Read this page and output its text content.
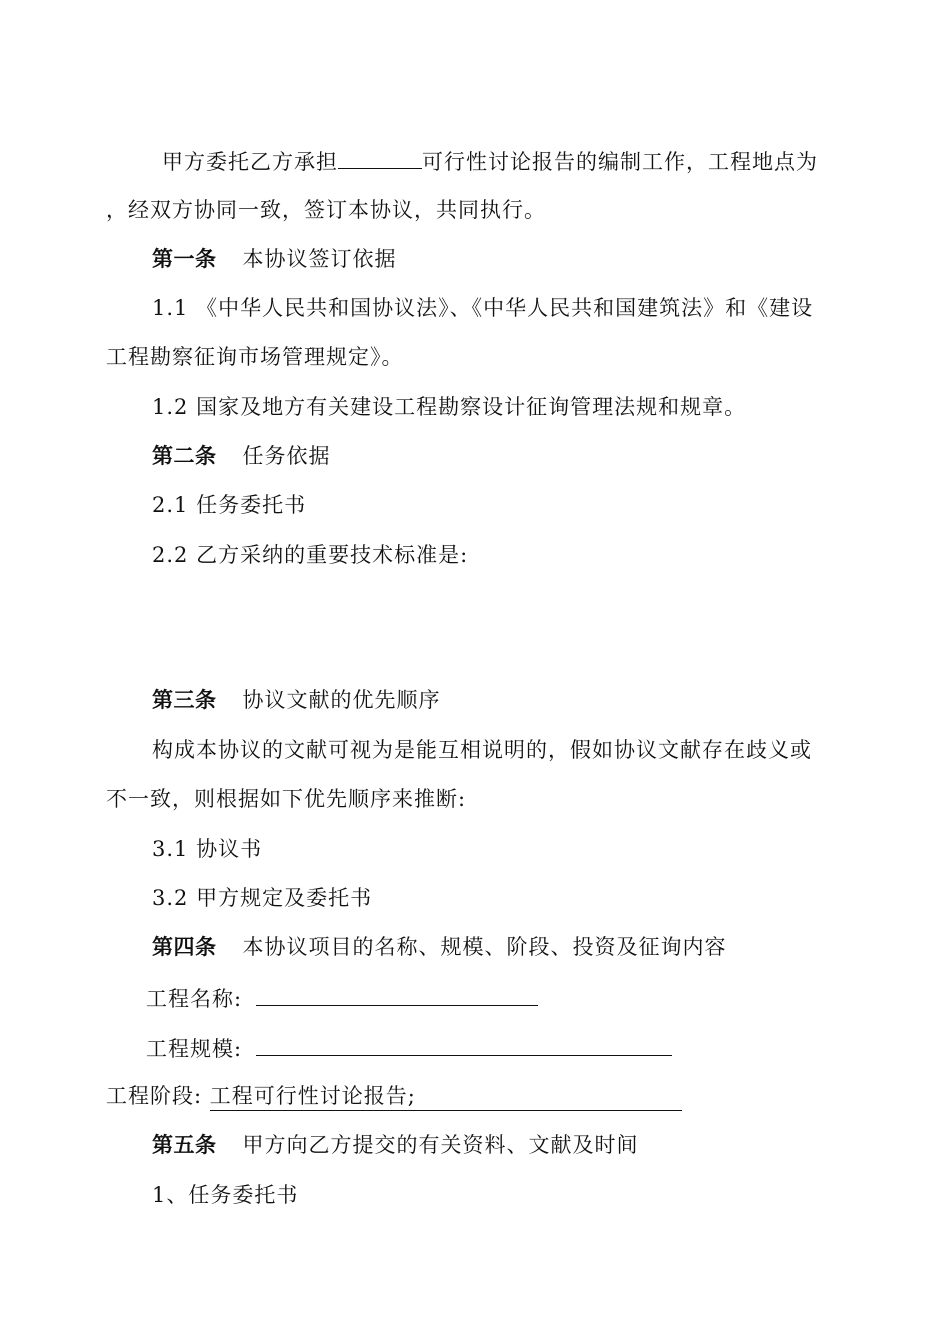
甲方委托乙方承担	可行性讨论报告的编制工作，工程地点为
，经双方协同一致，签订本协议，共同执行。
第一条 本协议签订依据
1.1 《中华人民共和国协议法》、《中华人民共和国建筑法》和《建设
工程勘察征询市场管理规定》。
1.2 国家及地方有关建设工程勘察设计征询管理法规和规章。
第二条 任务依据
2.1 任务委托书
2.2 乙方采纳的重要技术标准是:
第三条 协议文献的优先顺序
构成本协议的文献可视为是能互相说明的，假如协议文献存在歧义或
不一致，则根据如下优先顺序来推断:
3.1 协议书
3.2 甲方规定及委托书
第四条 本协议项目的名称、规模、阶段、投资及征询内容
工程名称:
工程规模:
工程阶段: 工程可行性讨论报告;
第五条 甲方向乙方提交的有关资料、文献及时间
1、任务委托书
